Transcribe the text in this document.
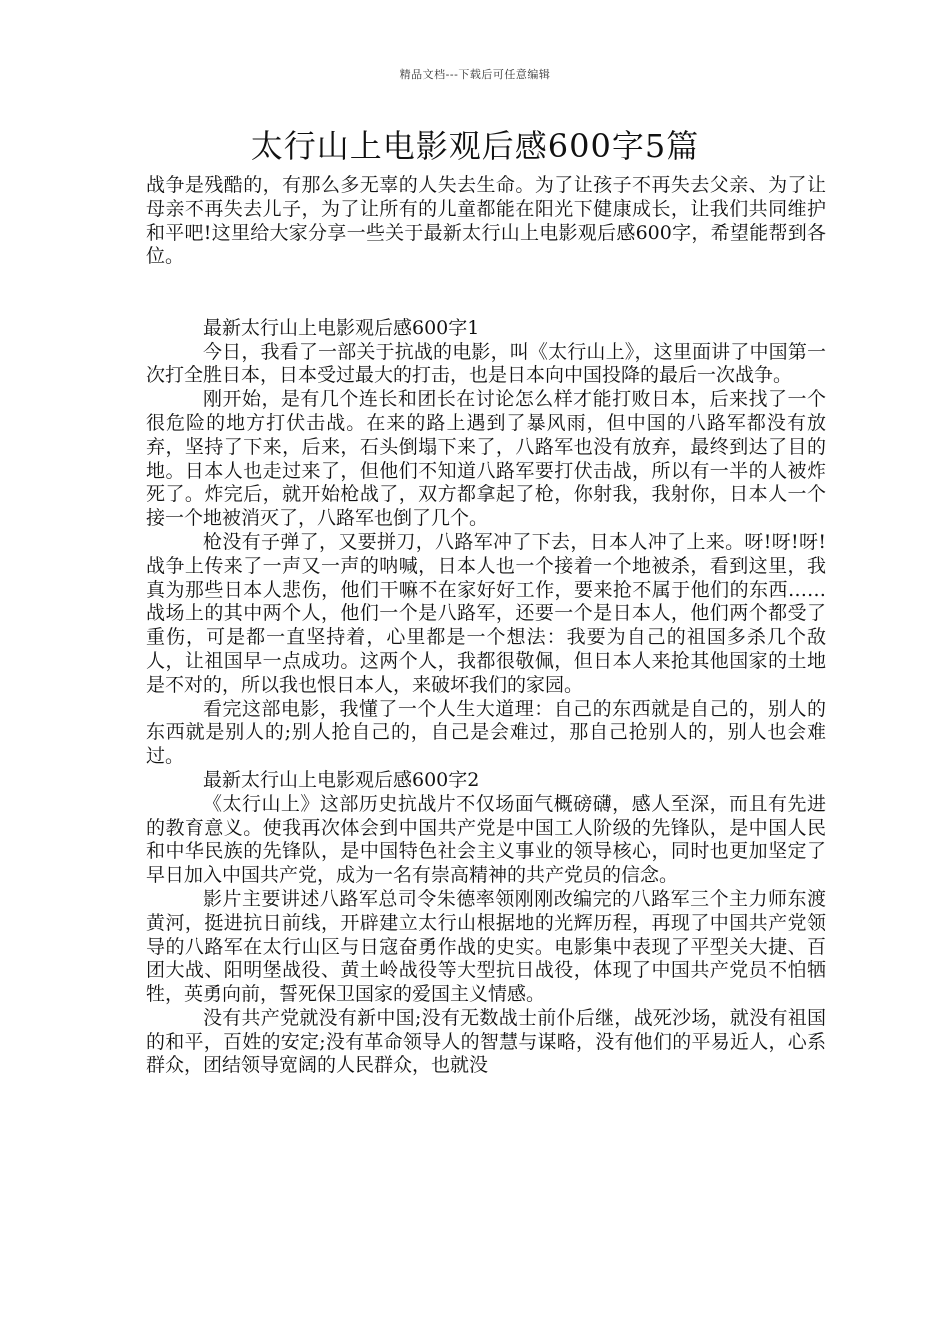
精品文档---下载后可任意编辑
太行山上电影观后感600字5篇

战争是残酷的，有那么多无辜的人失去生命。为了让孩子不再失去父亲、为了让母亲不再失去儿子，为了让所有的儿童都能在阳光下健康成长，让我们共同维护和平吧!这里给大家分享一些关于最新太行山上电影观后感600字，希望能帮到各位。

最新太行山上电影观后感600字1

今日，我看了一部关于抗战的电影，叫《太行山上》，这里面讲了中国第一次打全胜日本，日本受过最大的打击，也是日本向中国投降的最后一次战争。

刚开始，是有几个连长和团长在讨论怎么样才能打败日本，后来找了一个很危险的地方打伏击战。在来的路上遇到了暴风雨，但中国的八路军都没有放弃，坚持了下来，后来，石头倒塌下来了，八路军也没有放弃，最终到达了目的地。日本人也走过来了，但他们不知道八路军要打伏击战，所以有一半的人被炸死了。炸完后，就开始枪战了，双方都拿起了枪，你射我，我射你，日本人一个接一个地被消灭了，八路军也倒了几个。

枪没有子弹了，又要拼刀，八路军冲了下去，日本人冲了上来。呀!呀!呀!战争上传来了一声又一声的呐喊，日本人也一个接着一个地被杀，看到这里，我真为那些日本人悲伤，他们干嘛不在家好好工作，要来抢不属于他们的东西……战场上的其中两个人，他们一个是八路军，还要一个是日本人，他们两个都受了重伤，可是都一直坚持着，心里都是一个想法：我要为自己的祖国多杀几个敌人，让祖国早一点成功。这两个人，我都很敬佩，但日本人来抢其他国家的土地是不对的，所以我也恨日本人，来破坏我们的家园。

看完这部电影，我懂了一个人生大道理：自己的东西就是自己的，别人的东西就是别人的;别人抢自己的，自己是会难过，那自己抢别人的，别人也会难过。

最新太行山上电影观后感600字2

《太行山上》这部历史抗战片不仅场面气概磅礴，感人至深，而且有先进的教育意义。使我再次体会到中国共产党是中国工人阶级的先锋队，是中国人民和中华民族的先锋队，是中国特色社会主义事业的领导核心，同时也更加坚定了早日加入中国共产党，成为一名有崇高精神的共产党员的信念。

影片主要讲述八路军总司令朱德率领刚刚改编完的八路军三个主力师东渡黄河，挺进抗日前线，开辟建立太行山根据地的光辉历程，再现了中国共产党领导的八路军在太行山区与日寇奋勇作战的史实。电影集中表现了平型关大捷、百团大战、阳明堡战役、黄土岭战役等大型抗日战役，体现了中国共产党员不怕牺牲，英勇向前，誓死保卫国家的爱国主义情感。

没有共产党就没有新中国;没有无数战士前仆后继，战死沙场，就没有祖国的和平，百姓的安定;没有革命领导人的智慧与谋略，没有他们的平易近人，心系群众，团结领导宽阔的人民群众，也就没
